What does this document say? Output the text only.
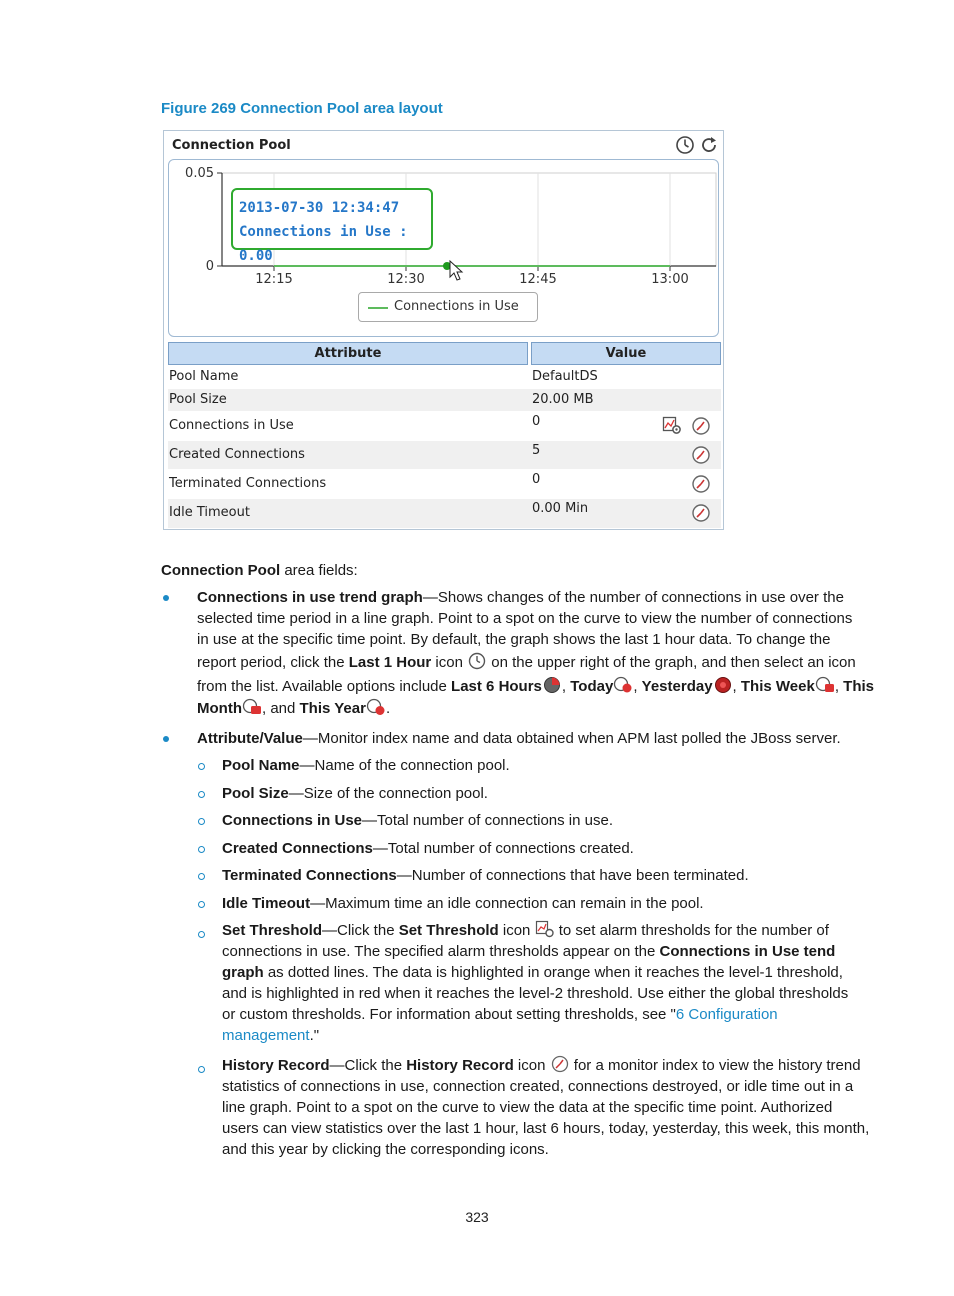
Figure 269 Connection Pool area layout
Connection Pool
0.05
0
12:15	12:30	12:45	13:00
2013-07-30 12:34:47
Connections in Use : 0.00
Connections in Use
Attribute	Value
Pool Name	DefaultDS
Pool Size	20.00 MB
Connections in Use	0
Created Connections	5
Terminated Connections	0
Idle Timeout	0.00 Min
Connection Pool area fields:
Connections in use trend graph—Shows changes of the number of connections in use over the
selected time period in a line graph. Point to a spot on the curve to view the number of connections
in use at the specific time point. By default, the graph shows the last 1 hour data. To change the
report period, click the Last 1 Hour icon  on the upper right of the graph, and then select an icon
from the list. Available options include Last 6 Hours , Today , Yesterday , This Week , This
Month , and This Year .
Attribute/Value—Monitor index name and data obtained when APM last polled the JBoss server.
Pool Name—Name of the connection pool.
Pool Size—Size of the connection pool.
Connections in Use—Total number of connections in use.
Created Connections—Total number of connections created.
Terminated Connections—Number of connections that have been terminated.
Idle Timeout—Maximum time an idle connection can remain in the pool.
Set Threshold—Click the Set Threshold icon  to set alarm thresholds for the number of
connections in use. The specified alarm thresholds appear on the Connections in Use tend
graph as dotted lines. The data is highlighted in orange when it reaches the level-1 threshold,
and is highlighted in red when it reaches the level-2 threshold. Use either the global thresholds
or custom thresholds. For information about setting thresholds, see "6 Configuration
management."
History Record—Click the History Record icon  for a monitor index to view the history trend
statistics of connections in use, connection created, connections destroyed, or idle time out in a
line graph. Point to a spot on the curve to view the data at the specific time point. Authorized
users can view statistics over the last 1 hour, last 6 hours, today, yesterday, this week, this month,
and this year by clicking the corresponding icons.
323
